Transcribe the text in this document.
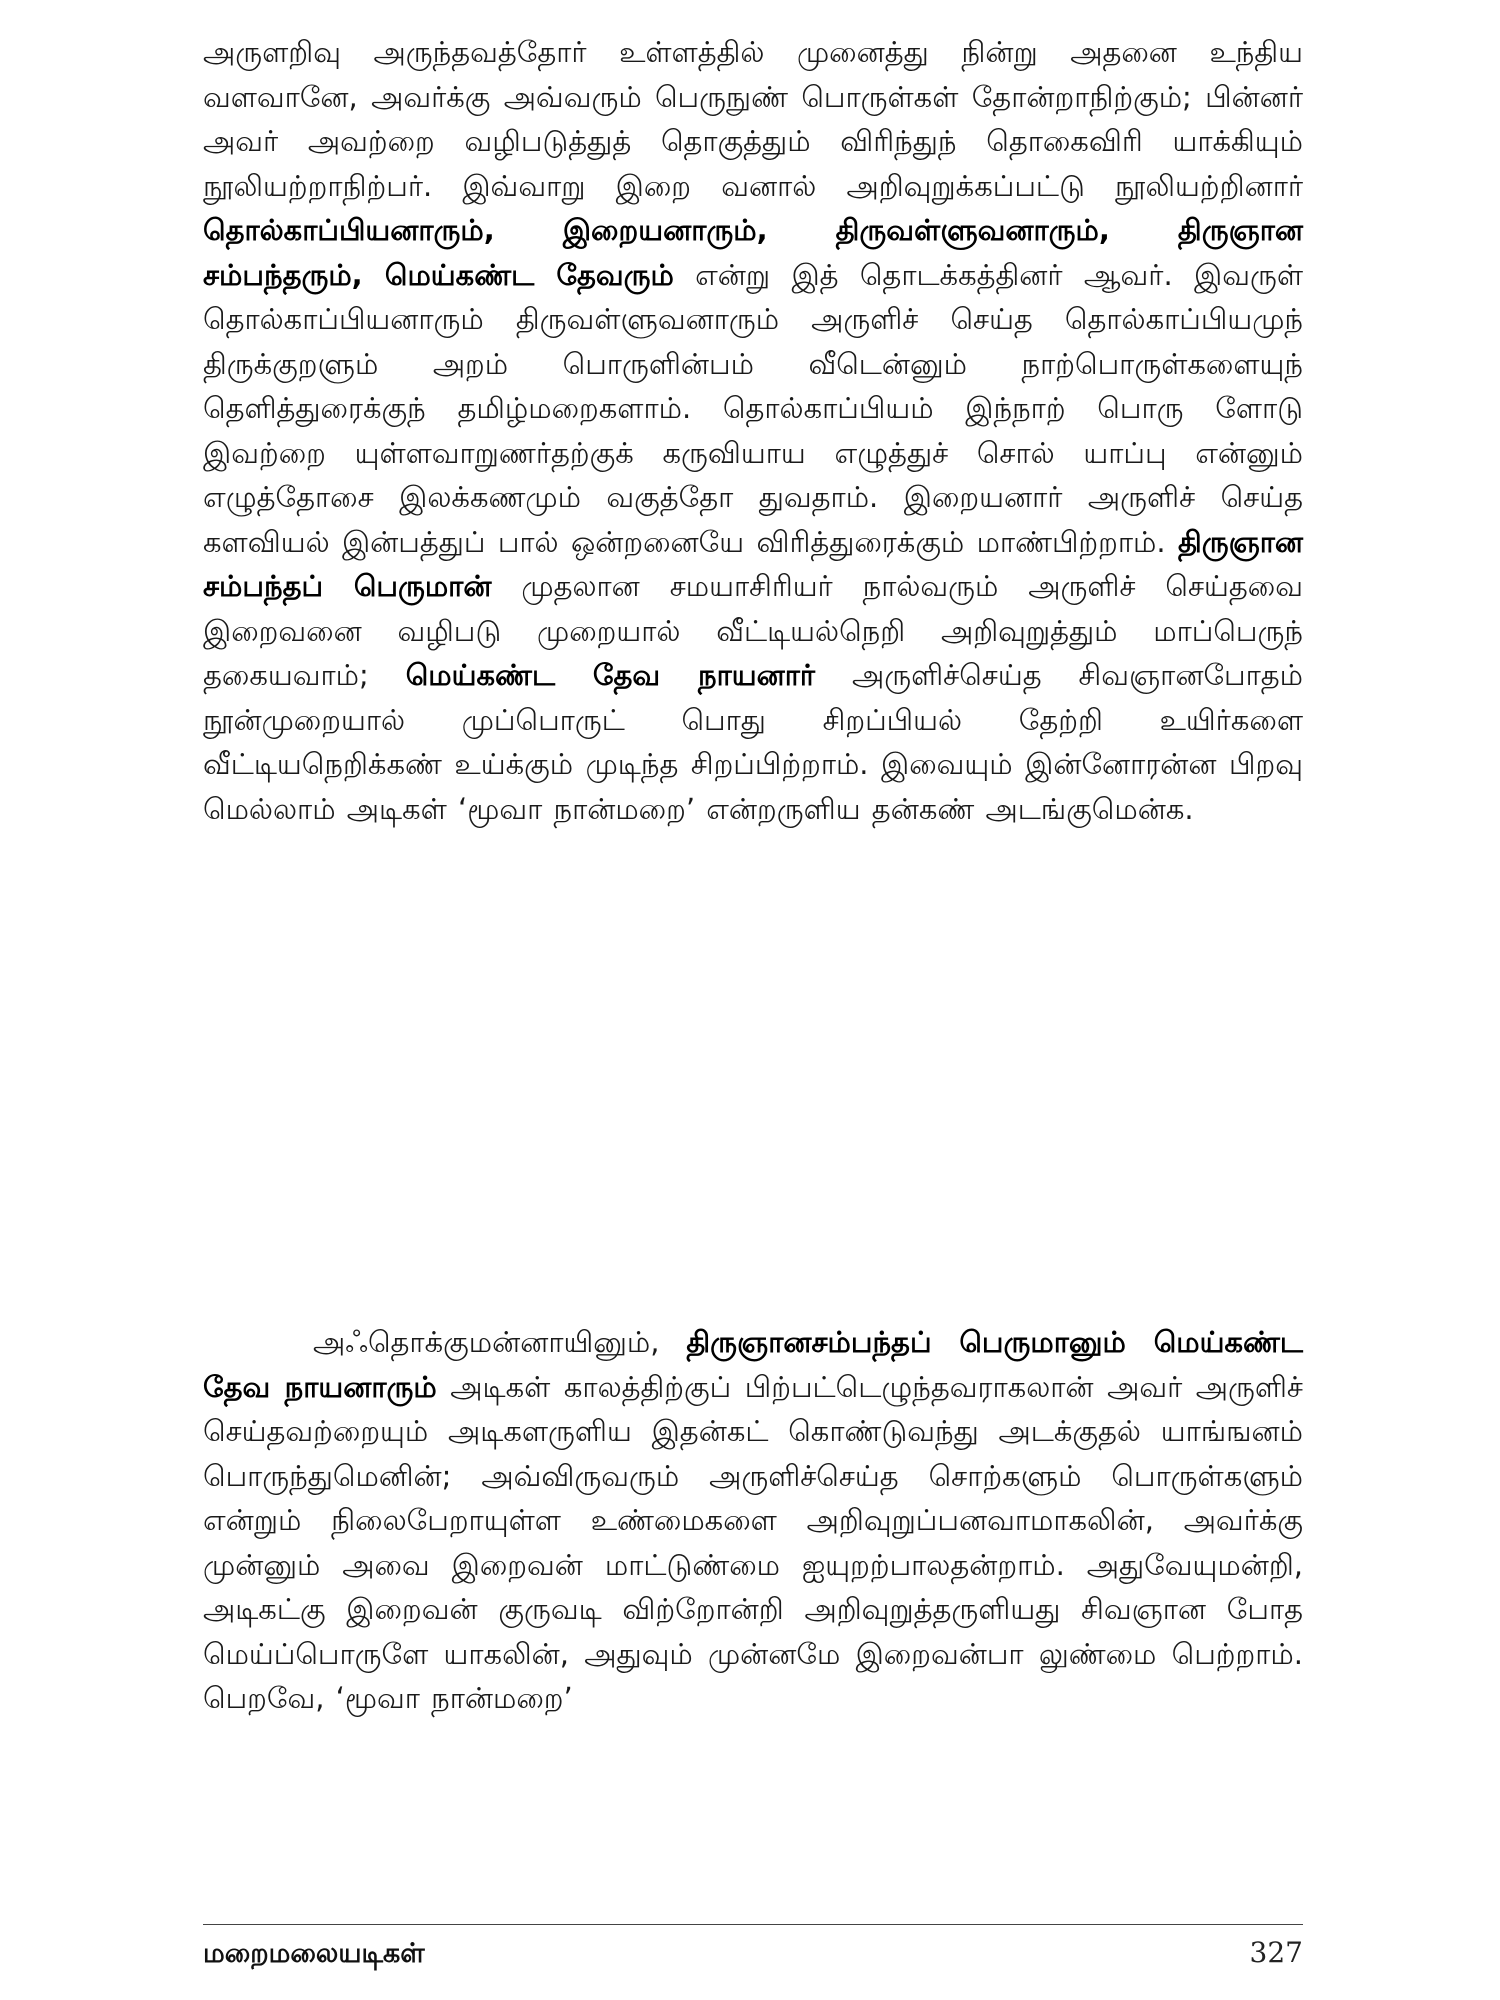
அருளறிவு அருந்தவத்தோர் உள்ளத்தில் முனைத்து நின்று அதனை உந்திய வளவானே, அவர்க்கு அவ்வரும் பெருநுண் பொருள்கள் தோன்றாநிற்கும்; பின்னர் அவர் அவற்றை வழிபடுத்துத் தொகுத்தும் விரிந்துந் தொகைவிரி யாக்கியும் நூலியற்றாநிற்பர். இவ்வாறு இறை வனால் அறிவுறுக்கப்பட்டு நூலியற்றினார் தொல்காப்பியனாரும், இறையனாரும், திருவள்ளுவனாரும், திருஞான சம்பந்தரும், மெய்கண்ட தேவரும் என்று இத் தொடக்கத்தினர் ஆவர். இவருள் தொல்காப்பியனாரும் திருவள்ளுவனாரும் அருளிச் செய்த தொல்காப்பியமுந் திருக்குறளும் அறம் பொருளின்பம் வீடென்னும் நாற்பொருள்களையுந் தெளித்துரைக்குந் தமிழ்மறைகளாம். தொல்காப்பியம் இந்நாற் பொரு ளோடு இவற்றை யுள்ளவாறுணர்தற்குக் கருவியாய எழுத்துச் சொல் யாப்பு என்னும் எழுத்தோசை இலக்கணமும் வகுத்தோ துவதாம். இறையனார் அருளிச் செய்த களவியல் இன்பத்துப் பால் ஒன்றனையே விரித்துரைக்கும் மாண்பிற்றாம். திருஞான சம்பந்தப் பெருமான் முதலான சமயாசிரியர் நால்வரும் அருளிச் செய்தவை இறைவனை வழிபடு முறையால் வீட்டியல்நெறி அறிவுறுத்தும் மாப்பெருந் தகையவாம்; மெய்கண்ட தேவ நாயனார் அருளிச்செய்த சிவஞானபோதம் நூன்முறையால் முப்பொருட் பொது சிறப்பியல் தேற்றி உயிர்களை வீட்டியநெறிக்கண் உய்க்கும் முடிந்த சிறப்பிற்றாம். இவையும் இன்னோரன்ன பிறவு மெல்லாம் அடிகள் ‘மூவா நான்மறை’ என்றருளிய தன்கண் அடங்குமென்க.
அஃதொக்குமன்னாயினும், திருஞானசம்பந்தப் பெருமானும் மெய்கண்ட தேவ நாயனாரும் அடிகள் காலத்திற்குப் பிற்பட்டெழுந்தவராகலான் அவர் அருளிச் செய்தவற்றையும் அடிகளருளிய இதன்கட் கொண்டுவந்து அடக்குதல் யாங்ஙனம் பொருந்துமெனின்; அவ்விருவரும் அருளிச்செய்த சொற்களும் பொருள்களும் என்றும் நிலைபேறாயுள்ள உண்மைகளை அறிவுறுப்பனவாமாகலின், அவர்க்கு முன்னும் அவை இறைவன் மாட்டுண்மை ஐயுறற்பாலதன்றாம். அதுவேயுமன்றி, அடிகட்கு இறைவன் குருவடி விற்றோன்றி அறிவுறுத்தருளியது சிவஞான போத மெய்ப்பொருளே யாகலின், அதுவும் முன்னமே இறைவன்பா லுண்மை பெற்றாம். பெறவே, ‘மூவா நான்மறை’
மறைமலையடிகள்	327
